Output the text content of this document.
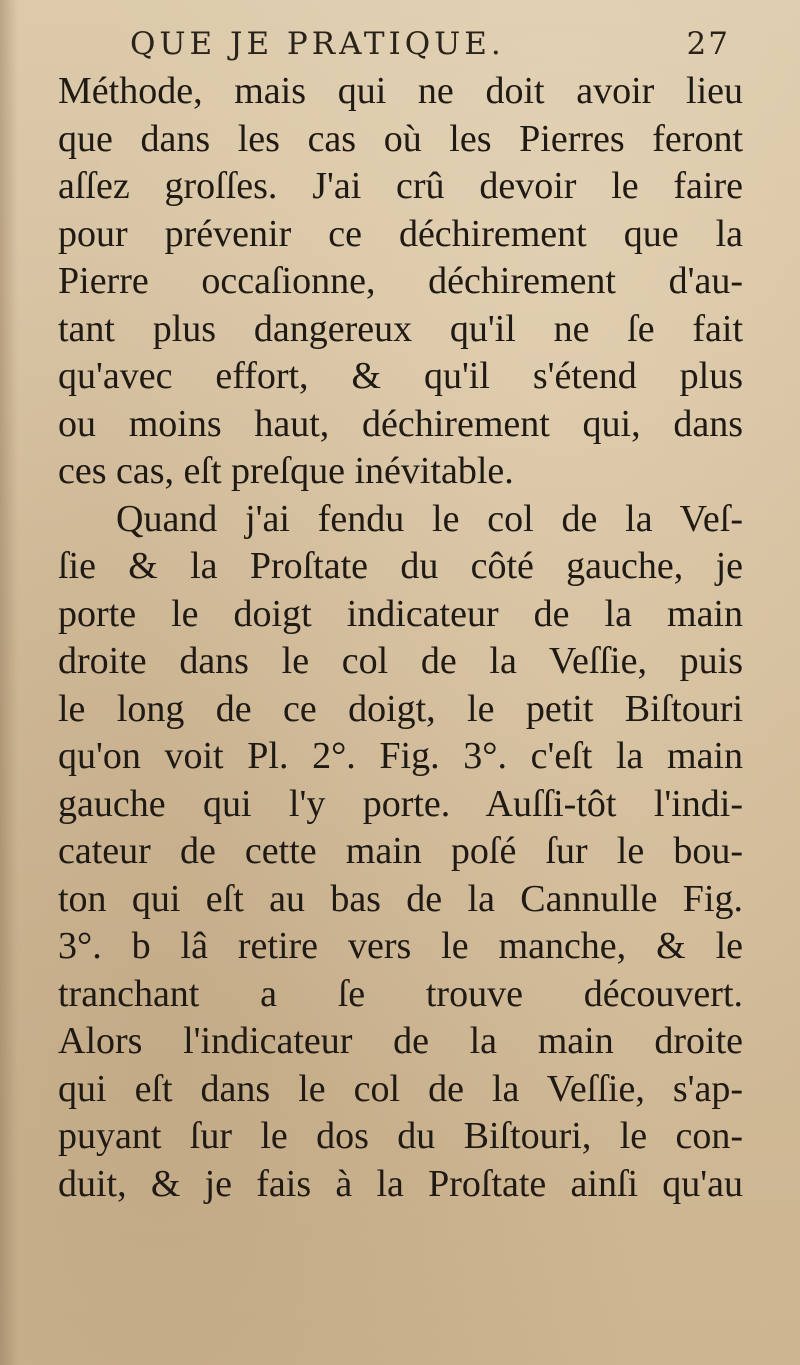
QUE JE PRATIQUE.	27
Méthode, mais qui ne doit avoir lieu
que dans les cas où les Pierres feront
aſſez groſſes. J'ai crû devoir le faire
pour prévenir ce déchirement que la
Pierre occaſionne, déchirement d'au-
tant plus dangereux qu'il ne ſe fait
qu'avec effort, & qu'il s'étend plus
ou moins haut, déchirement qui, dans
ces cas, eſt preſque inévitable.
Quand j'ai fendu le col de la Veſ-
ſie & la Proſtate du côté gauche, je
porte le doigt indicateur de la main
droite dans le col de la Veſſie, puis
le long de ce doigt, le petit Biſtouri
qu'on voit Pl. 2°. Fig. 3°. c'eſt la main
gauche qui l'y porte. Auſſi-tôt l'indi-
cateur de cette main poſé ſur le bou-
ton qui eſt au bas de la Cannulle Fig.
3°. b lâ retire vers le manche, & le
tranchant a ſe trouve découvert.
Alors l'indicateur de la main droite
qui eſt dans le col de la Veſſie, s'ap-
puyant ſur le dos du Biſtouri, le con-
duit, & je fais à la Proſtate ainſi qu'au
